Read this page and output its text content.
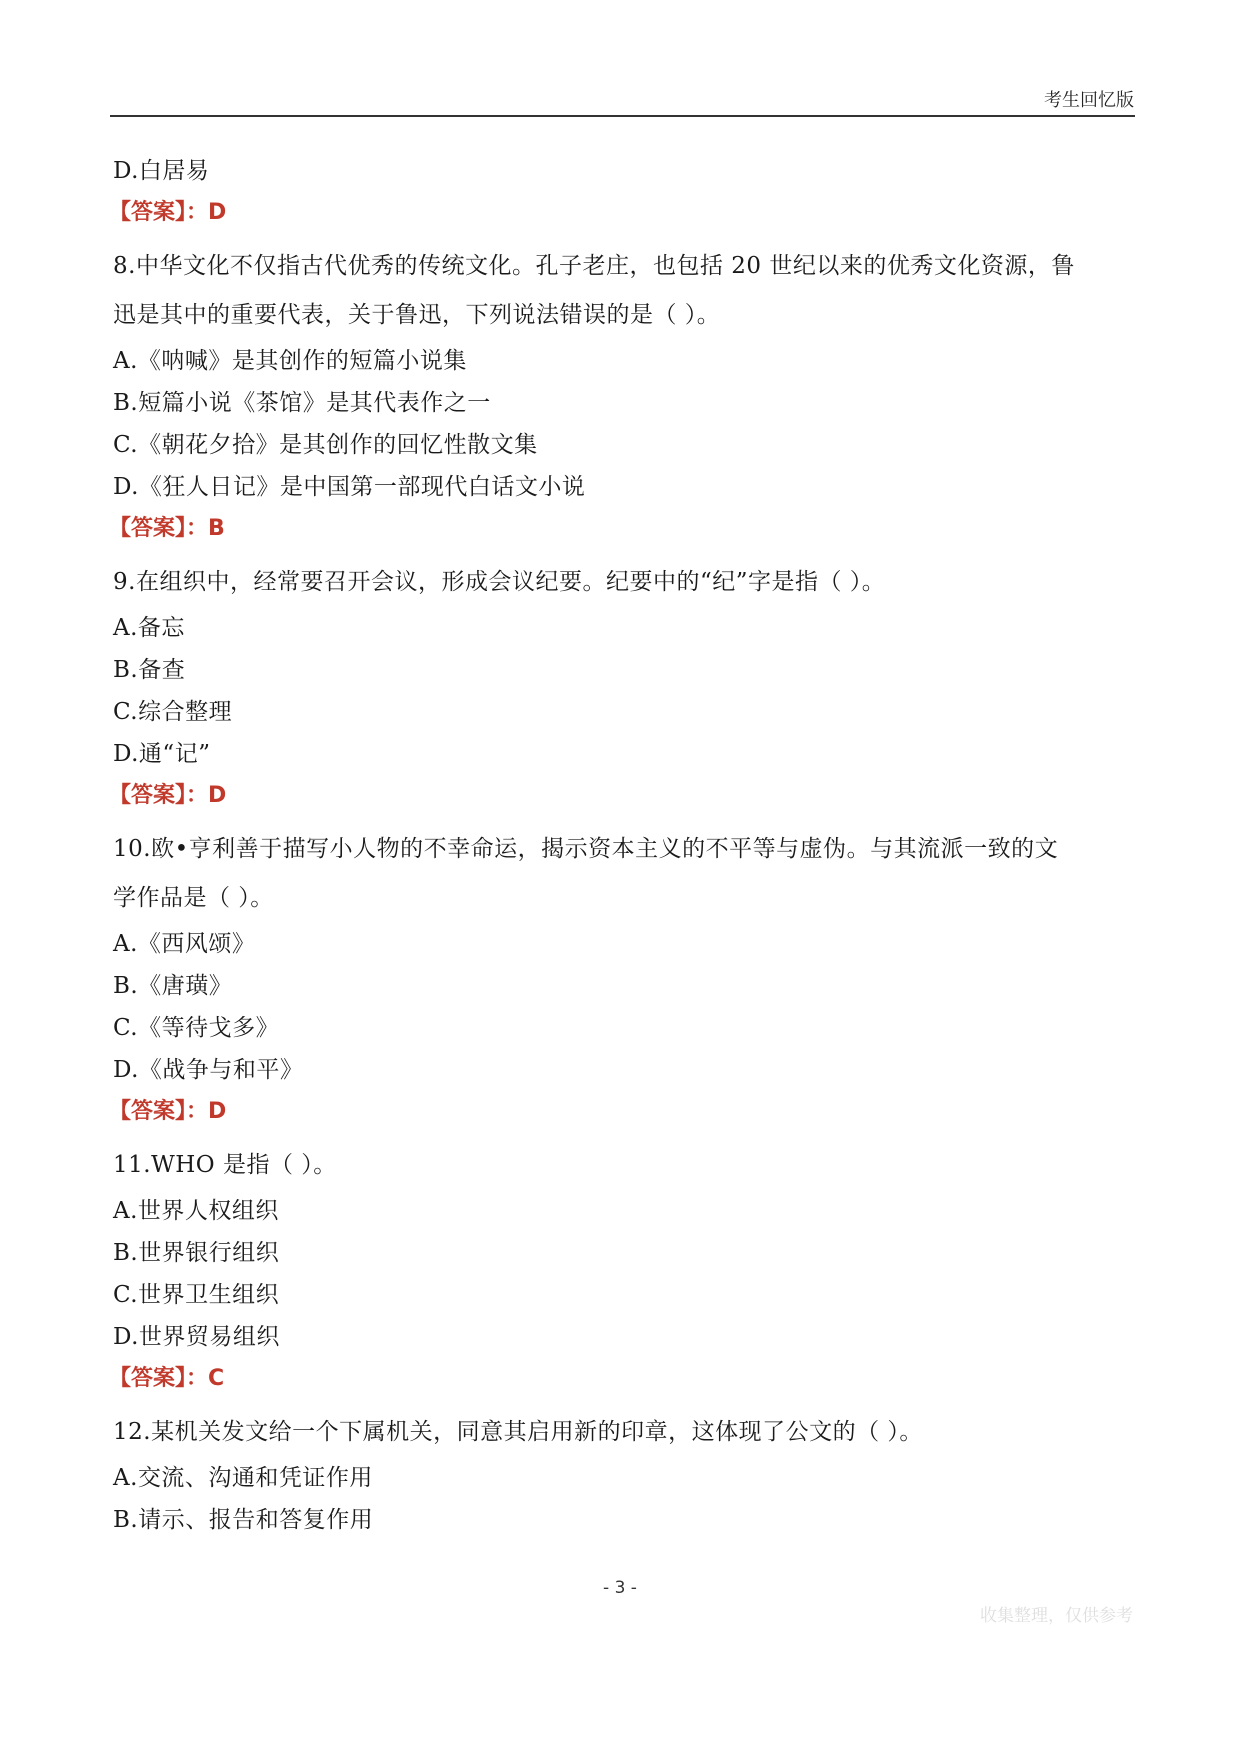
考生回忆版
D.白居易
【答案】：D
8.中华文化不仅指古代优秀的传统文化。孔子老庄，也包括 20 世纪以来的优秀文化资源，鲁
迅是其中的重要代表，关于鲁迅，下列说法错误的是（ ）。
A.《呐喊》是其创作的短篇小说集
B.短篇小说《茶馆》是其代表作之一
C.《朝花夕拾》是其创作的回忆性散文集
D.《狂人日记》是中国第一部现代白话文小说
【答案】：B
9.在组织中，经常要召开会议，形成会议纪要。纪要中的“纪”字是指（ ）。
A.备忘
B.备查
C.综合整理
D.通“记”
【答案】：D
10.欧•亨利善于描写小人物的不幸命运，揭示资本主义的不平等与虚伪。与其流派一致的文
学作品是（ ）。
A.《西风颂》
B.《唐璜》
C.《等待戈多》
D.《战争与和平》
【答案】：D
11.WHO 是指（ ）。
A.世界人权组织
B.世界银行组织
C.世界卫生组织
D.世界贸易组织
【答案】：C
12.某机关发文给一个下属机关，同意其启用新的印章，这体现了公文的（ ）。
A.交流、沟通和凭证作用
B.请示、报告和答复作用
- 3 -
收集整理，仅供参考
